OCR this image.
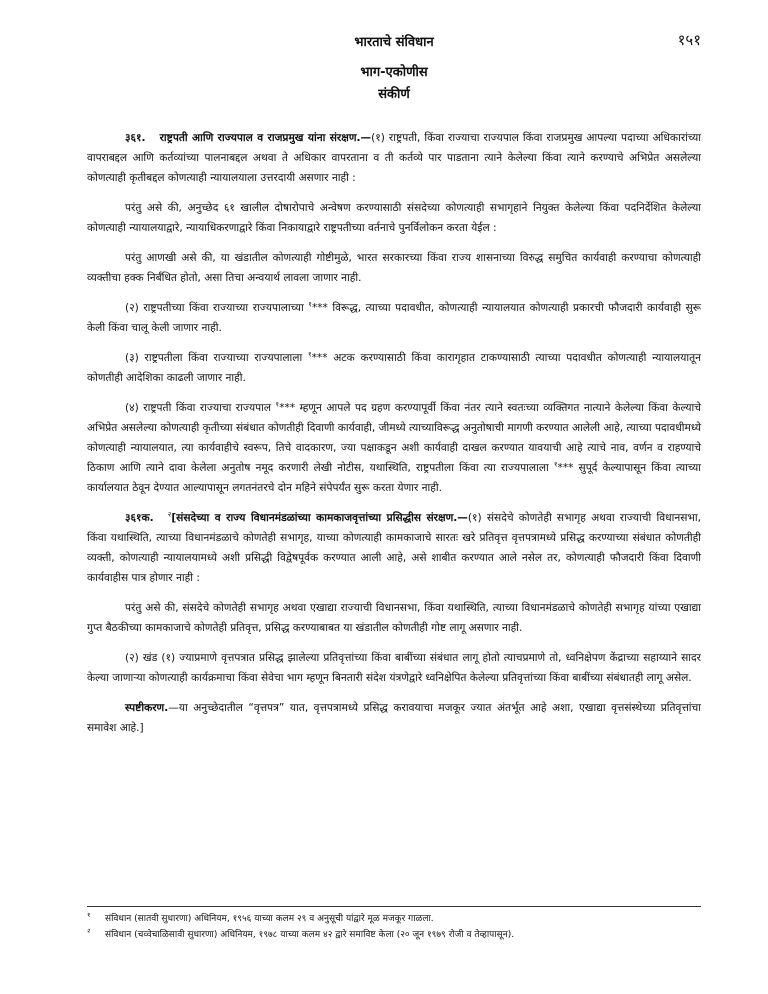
भारताचे संविधान	१५१
भाग-एकोणीस
संकीर्ण

३६१. राष्ट्रपती आणि राज्यपाल व राजप्रमुख यांना संरक्षण.—(१) राष्ट्रपती, किंवा राज्याचा राज्यपाल किंवा राजप्रमुख आपल्या पदाच्या अधिकारांच्या वापराबद्दल आणि कर्तव्यांच्या पालनाबद्दल अथवा ते अधिकार वापरताना व ती कर्तव्ये पार पाडताना त्याने केलेल्या किंवा त्याने करण्याचे अभिप्रेत असलेल्या कोणत्याही कृतीबद्दल कोणत्याही न्यायालयाला उत्तरदायी असणार नाही :

परंतु असे की, अनुच्छेद ६१ खालील दोषारोपाचे अन्वेषण करण्यासाठी संसदेच्या कोणत्याही सभागृहाने नियुक्त केलेल्या किंवा पदनिर्देशित केलेल्या कोणत्याही न्यायालयाद्वारे, न्यायाधिकरणाद्वारे किंवा निकायाद्वारे राष्ट्रपतीच्या वर्तनाचे पुनर्विलोकन करता येईल :

परंतु आणखी असे की, या खंडातील कोणत्याही गोष्टीमुळे, भारत सरकारच्या किंवा राज्य शासनाच्या विरुद्ध समुचित कार्यवाही करण्याचा कोणत्याही व्यक्तीचा हक्क निर्बंधित होतो, असा तिचा अन्वयार्थ लावला जाणार नाही.

(२) राष्ट्रपतीच्या किंवा राज्याच्या राज्यपालाच्या $^१$*** विरूद्ध, त्याच्या पदावधीत, कोणत्याही न्यायालयात कोणत्याही प्रकारची फौजदारी कार्यवाही सुरू केली किंवा चालू केली जाणार नाही.

(३) राष्ट्रपतीला किंवा राज्याच्या राज्यपालाला $^१$*** अटक करण्यासाठी किंवा कारागृहात टाकण्यासाठी त्याच्या पदावधीत कोणत्याही न्यायालयातून कोणतीही आदेशिका काढली जाणार नाही.

(४) राष्ट्रपती किंवा राज्याचा राज्यपाल $^१$*** म्हणून आपले पद ग्रहण करण्यापूर्वी किंवा नंतर त्याने स्वतःच्या व्यक्तिगत नात्याने केलेल्या किंवा केल्याचे अभिप्रेत असलेल्या कोणत्याही कृतीच्या संबंधात कोणतीही दिवाणी कार्यवाही, जीमध्ये त्याच्याविरूद्ध अनुतोषाची मागणी करण्यात आलेली आहे, त्याच्या पदावधीमध्ये कोणत्याही न्यायालयात, त्या कार्यवाहीचे स्वरूप, तिचे वादकारण, ज्या पक्षाकडून अशी कार्यवाही दाखल करण्यात यावयाची आहे त्याचे नाव, वर्णन व राहण्याचे ठिकाण आणि त्याने दावा केलेला अनुतोष नमूद करणारी लेखी नोटीस, यथास्थिति, राष्ट्रपतीला किंवा त्या राज्यपालाला $^१$*** सुपूर्द केल्यापासून किंवा त्याच्या कार्यालयात ठेवून देण्यात आल्यापासून लगतनंतरचे दोन महिने संपेपर्यंत सुरू करता येणार नाही.

३६१क. $^२$[संसदेच्या व राज्य विधानमंडळांच्या कामकाजवृत्तांच्या प्रसिद्धीस संरक्षण.—(१) संसदेचे कोणतेही सभागृह अथवा राज्याची विधानसभा, किंवा यथास्थिति, त्याच्या विधानमंडळाचे कोणतेही सभागृह, याच्या कोणत्याही कामकाजाचे सारतः खरे प्रतिवृत्त वृत्तपत्रामध्ये प्रसिद्ध करण्याच्या संबंधात कोणतीही व्यक्ती, कोणत्याही न्यायालयामध्ये अशी प्रसिद्धी विद्वेषपूर्वक करण्यात आली आहे, असे शाबीत करण्यात आले नसेल तर, कोणत्याही फौजदारी किंवा दिवाणी कार्यवाहीस पात्र होणार नाही :

परंतु असे की, संसदेचे कोणतेही सभागृह अथवा एखाद्या राज्याची विधानसभा, किंवा यथास्थिति, त्याच्या विधानमंडळाचे कोणतेही सभागृह यांच्या एखाद्या गुप्त बैठकीच्या कामकाजाचे कोणतेही प्रतिवृत्त, प्रसिद्ध करण्याबाबत या खंडातील कोणतीही गोष्ट लागू असणार नाही.

(२) खंड (१) ज्याप्रमाणे वृत्तपत्रात प्रसिद्ध झालेल्या प्रतिवृत्तांच्या किंवा बाबींच्या संबंधात लागू होतो त्याचप्रमाणे तो, ध्वनिक्षेपण केंद्राच्या सहाय्याने सादर केल्या जाणाऱ्या कोणत्याही कार्यक्रमाचा किंवा सेवेचा भाग म्हणून बिनतारी संदेश यंत्रणेद्वारे ध्वनिक्षेपित केलेल्या प्रतिवृत्तांच्या किंवा बाबींच्या संबंधातही लागू असेल.

स्पष्टीकरण.—या अनुच्छेदातील “वृत्तपत्र” यात, वृत्तपत्रामध्ये प्रसिद्ध करावयाचा मजकूर ज्यात अंतर्भूत आहे अशा, एखाद्या वृत्तसंस्थेच्या प्रतिवृत्तांचा समावेश आहे.]

$^१$ संविधान (सातवी सुधारणा) अधिनियम, १९५६ याच्या कलम २९ व अनुसूची यांद्वारे मूळ मजकूर गाळला.
$^२$ संविधान (चव्वेचाळिसावी सुधारणा) अधिनियम, १९७८ याच्या कलम ४२ द्वारे समाविष्ट केला (२० जून १९७९ रोजी व तेव्हापासून).
